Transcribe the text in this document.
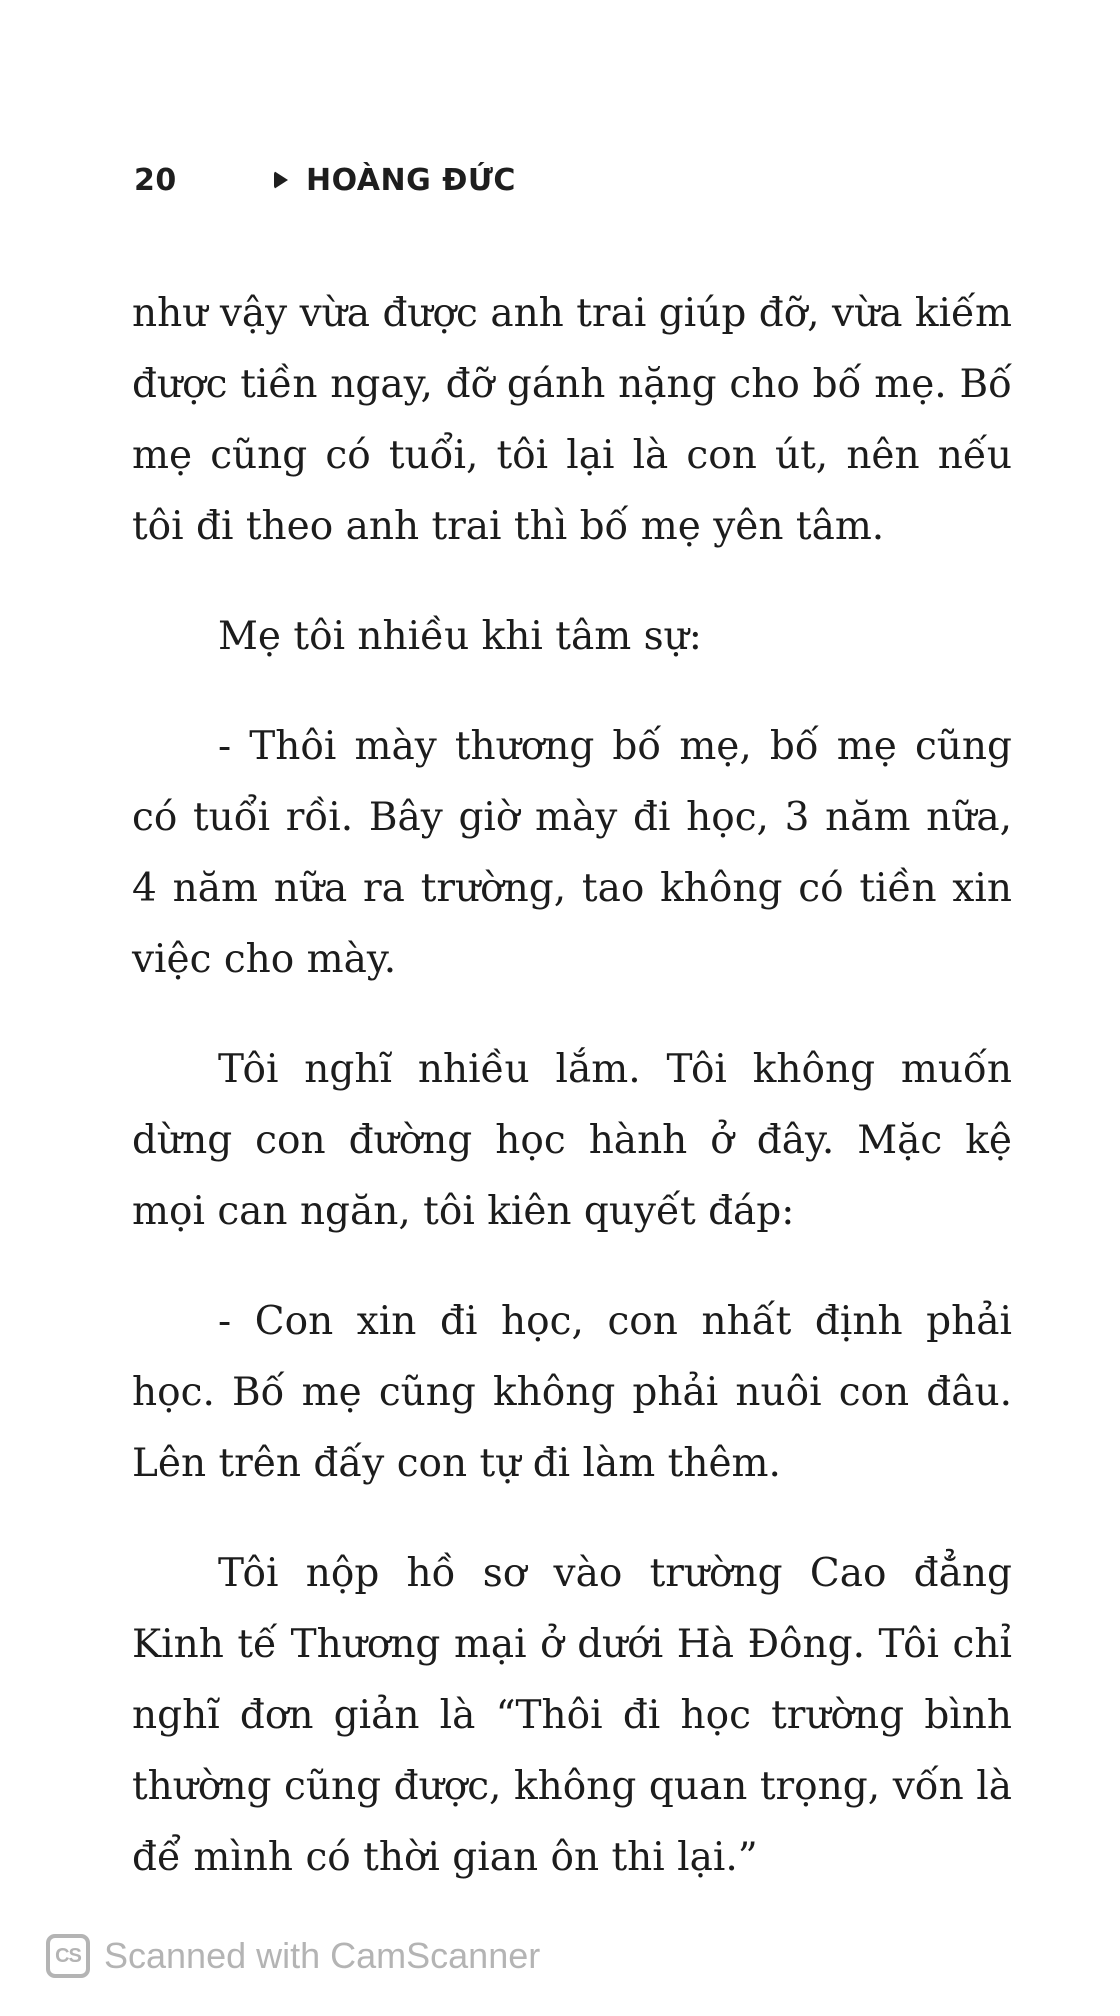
20	HOÀNG ĐỨC

như vậy vừa được anh trai giúp đỡ, vừa kiếm được tiền ngay, đỡ gánh nặng cho bố mẹ. Bố mẹ cũng có tuổi, tôi lại là con út, nên nếu tôi đi theo anh trai thì bố mẹ yên tâm.

Mẹ tôi nhiều khi tâm sự:

- Thôi mày thương bố mẹ, bố mẹ cũng có tuổi rồi. Bây giờ mày đi học, 3 năm nữa, 4 năm nữa ra trường, tao không có tiền xin việc cho mày.

Tôi nghĩ nhiều lắm. Tôi không muốn dừng con đường học hành ở đây. Mặc kệ mọi can ngăn, tôi kiên quyết đáp:

- Con xin đi học, con nhất định phải học. Bố mẹ cũng không phải nuôi con đâu. Lên trên đấy con tự đi làm thêm.

Tôi nộp hồ sơ vào trường Cao đẳng Kinh tế Thương mại ở dưới Hà Đông. Tôi chỉ nghĩ đơn giản là “Thôi đi học trường bình thường cũng được, không quan trọng, vốn là để mình có thời gian ôn thi lại.”

CS Scanned with CamScanner
